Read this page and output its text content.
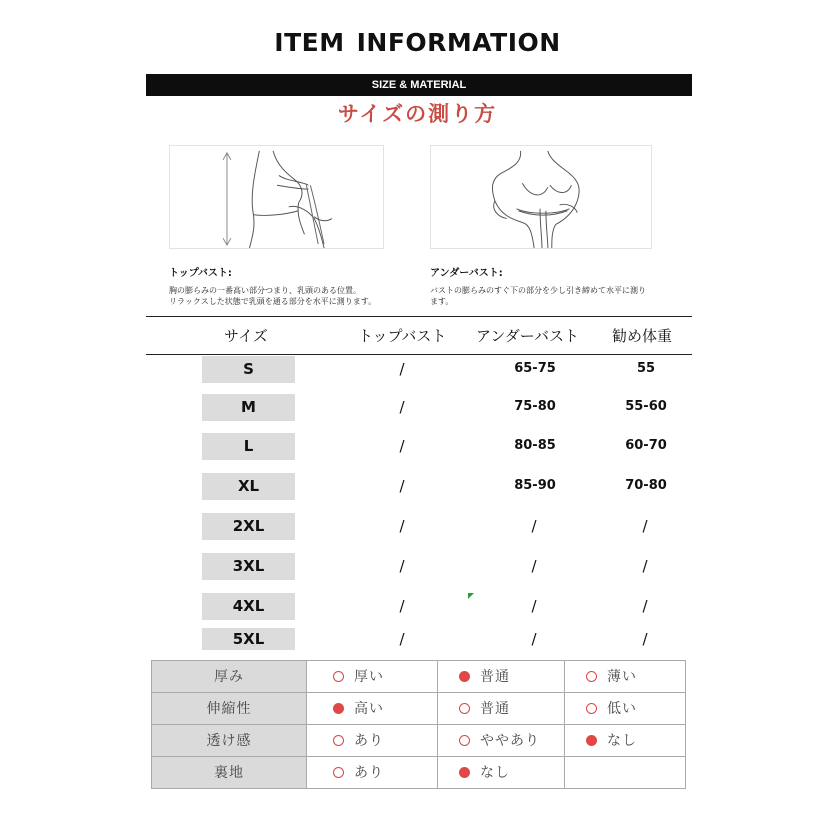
ITEM INFORMATION
SIZE & MATERIAL
サイズの測り方
トップバスト:
胸の膨らみの一番高い部分つまり、乳頭のある位置。
リラックスした状態で乳頭を通る部分を水平に測ります。
アンダーバスト:
バストの膨らみのすぐ下の部分を少し引き締めて水平に測り
ます。
サイズ	トップバスト アンダーバスト 勧め体重
S	/	65-75	55
M	/	75-80	55-60
L	/	80-85	60-70
XL	/	85-90	70-80
2XL	/	/	/
3XL	/	/	/
4XL	/	/	/
5XL	/	/	/
厚み	厚い	普通	薄い
伸縮性	高い	普通	低い
透け感	あり	ややあり	なし
裏地	あり	なし
